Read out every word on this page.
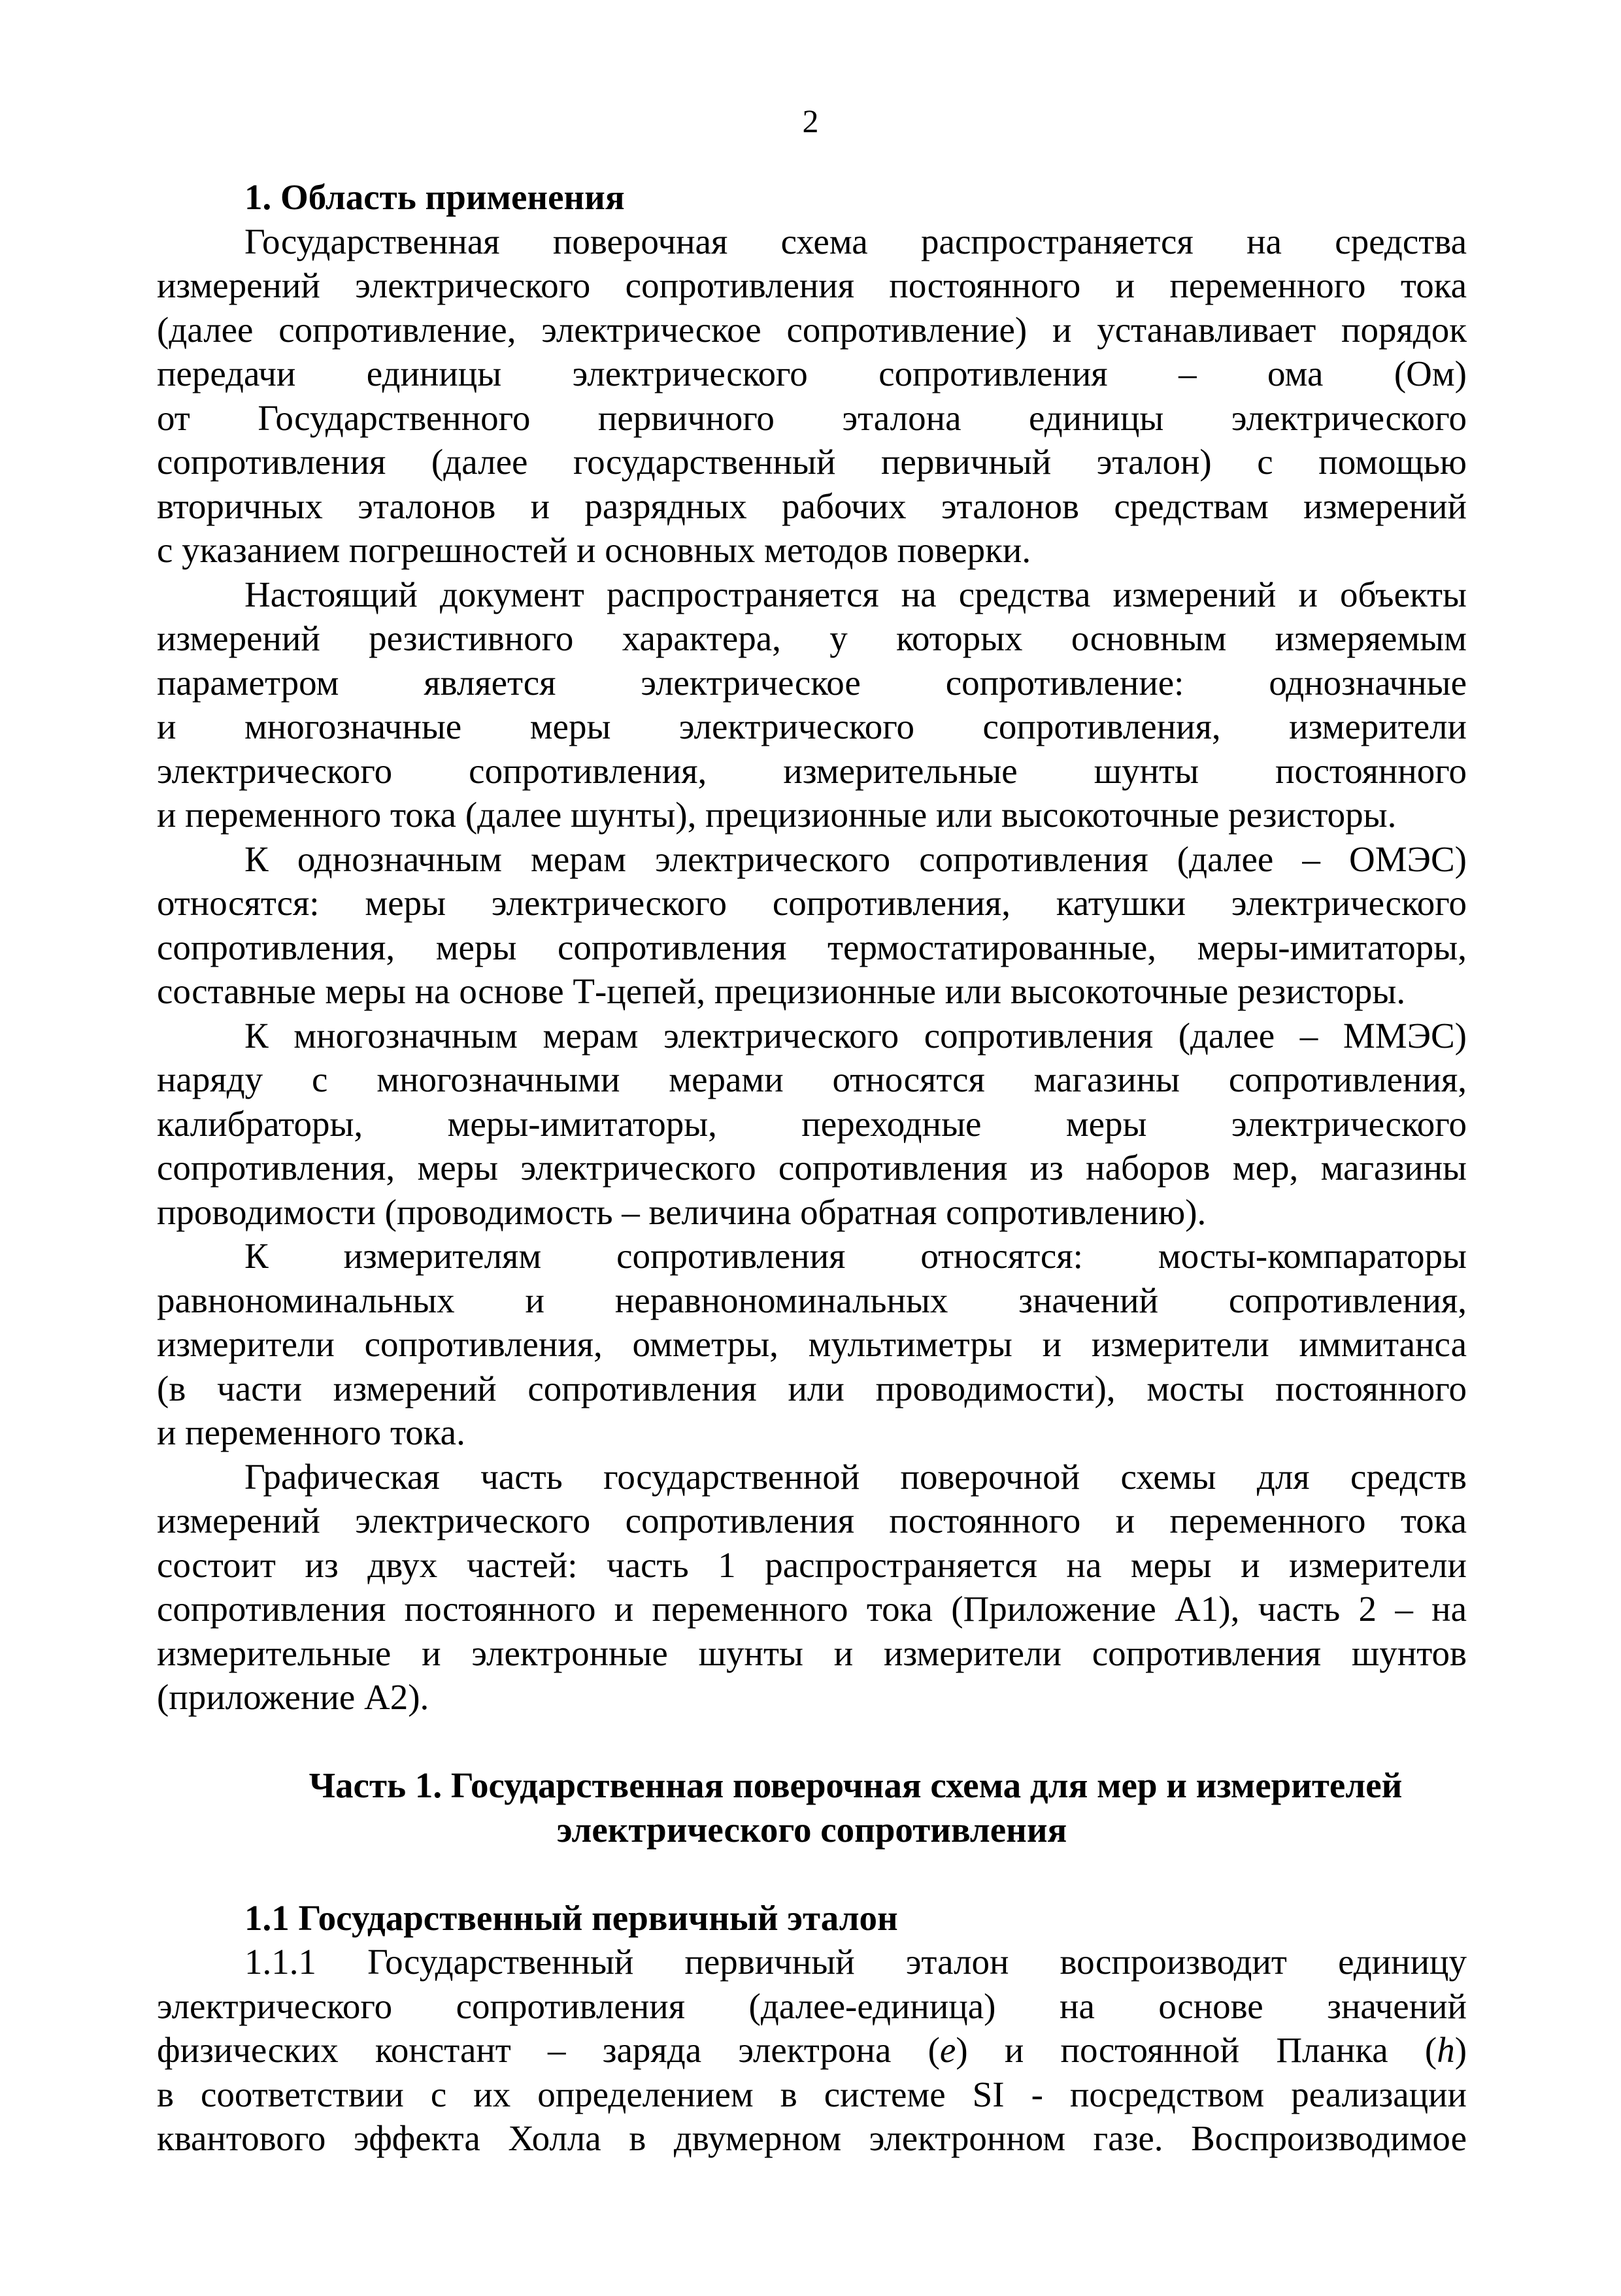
2
1. Область применения
Государственная поверочная схема распространяется на средства
измерений электрического сопротивления постоянного и переменного тока
(далее сопротивление, электрическое сопротивление) и устанавливает порядок
передачи единицы электрического сопротивления – ома (Ом)
от Государственного первичного эталона единицы электрического
сопротивления (далее государственный первичный эталон) с помощью
вторичных эталонов и разрядных рабочих эталонов средствам измерений
с указанием погрешностей и основных методов поверки.
Настоящий документ распространяется на средства измерений и объекты
измерений резистивного характера, у которых основным измеряемым
параметром является электрическое сопротивление: однозначные
и многозначные меры электрического сопротивления, измерители
электрического сопротивления, измерительные шунты постоянного
и переменного тока (далее шунты), прецизионные или высокоточные резисторы.
К однозначным мерам электрического сопротивления (далее – ОМЭС)
относятся: меры электрического сопротивления, катушки электрического
сопротивления, меры сопротивления термостатированные, меры-имитаторы,
составные меры на основе Т-цепей, прецизионные или высокоточные резисторы.
К многозначным мерам электрического сопротивления (далее – ММЭС)
наряду с многозначными мерами относятся магазины сопротивления,
калибраторы, меры-имитаторы, переходные меры электрического
сопротивления, меры электрического сопротивления из наборов мер, магазины
проводимости (проводимость – величина обратная сопротивлению).
К измерителям сопротивления относятся: мосты-компараторы
равнономинальных и неравнономинальных значений сопротивления,
измерители сопротивления, омметры, мультиметры и измерители иммитанса
(в части измерений сопротивления или проводимости), мосты постоянного
и переменного тока.
Графическая часть государственной поверочной схемы для средств
измерений электрического сопротивления постоянного и переменного тока
состоит из двух частей: часть 1 распространяется на меры и измерители
сопротивления постоянного и переменного тока (Приложение А1), часть 2 – на
измерительные и электронные шунты и измерители сопротивления шунтов
(приложение А2).
Часть 1. Государственная поверочная схема для мер и измерителей
электрического сопротивления
1.1 Государственный первичный эталон
1.1.1 Государственный первичный эталон воспроизводит единицу
электрического сопротивления (далее-единица) на основе значений
физических констант – заряда электрона (e) и постоянной Планка (h)
в соответствии с их определением в системе SI - посредством реализации
квантового эффекта Холла в двумерном электронном газе. Воспроизводимое
